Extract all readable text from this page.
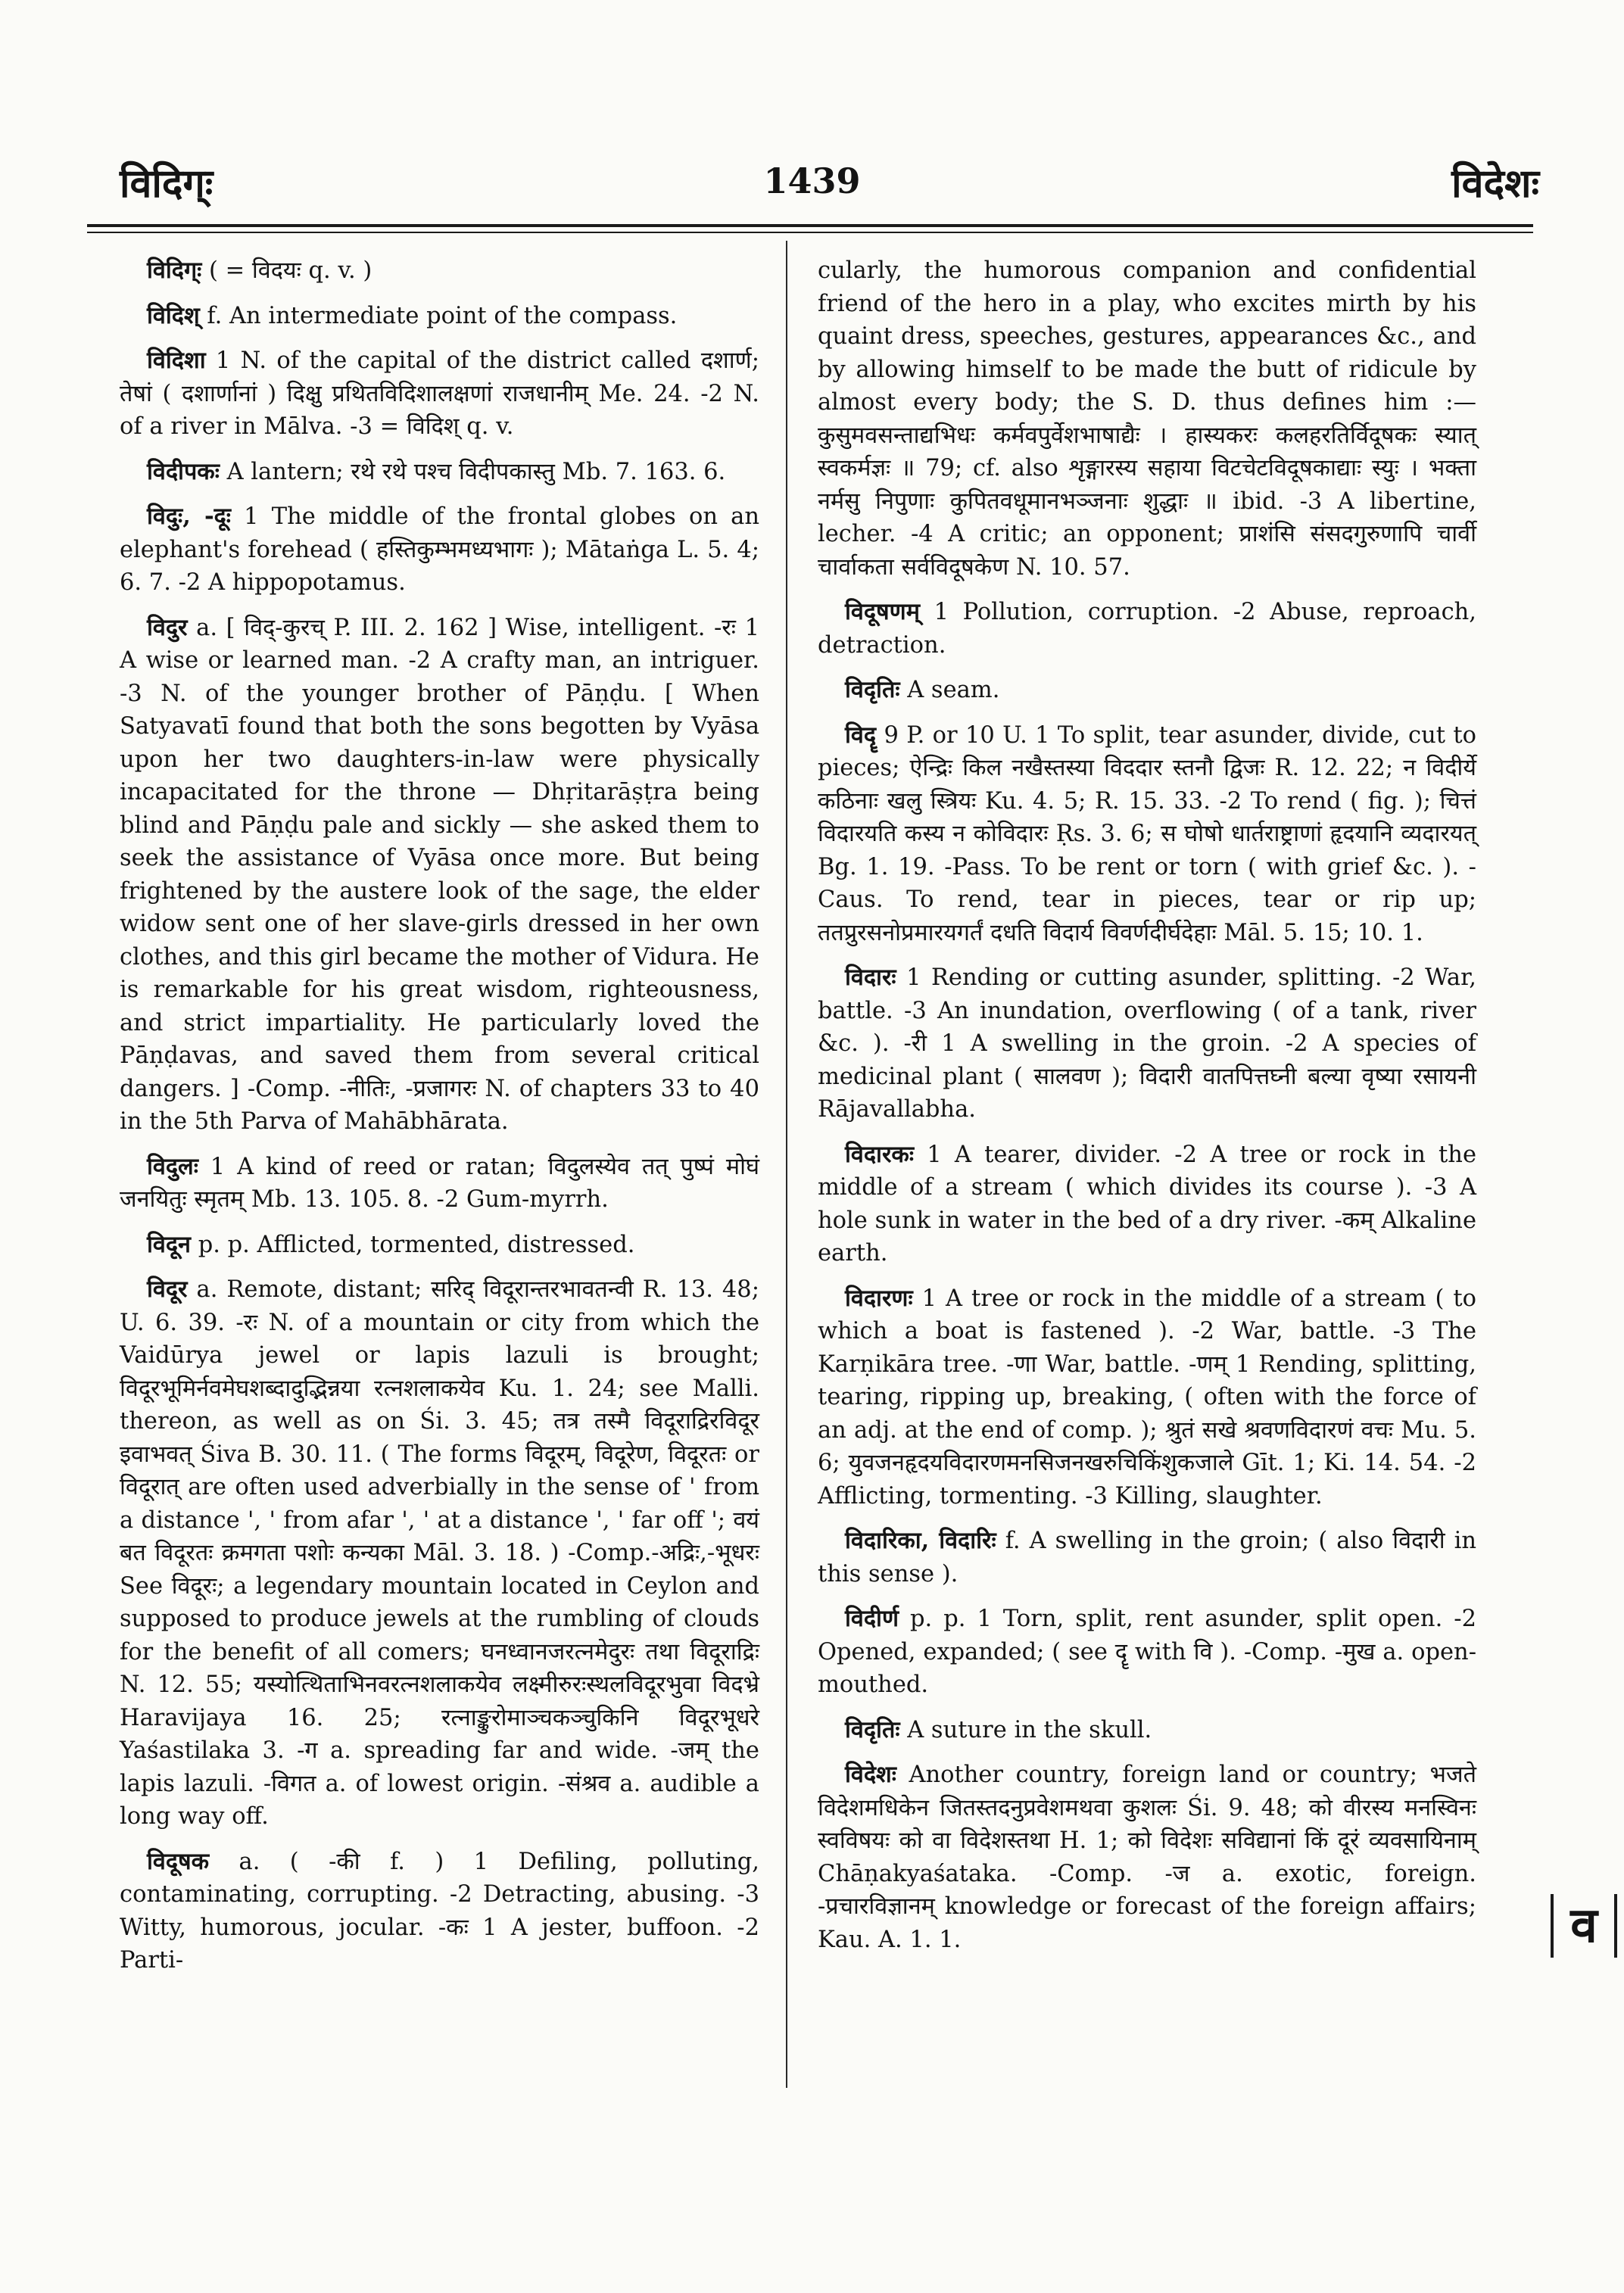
विदिग्ः	1439	विदेशः

विदिग्ः ( = विदयः q. v. )

विदिश् f. An intermediate point of the compass.

विदिशा 1 N. of the capital of the district called दशार्ण; तेषां ( दशार्णानां ) दिक्षु प्रथितविदिशालक्षणां राजधानीम् Me. 24. -2 N. of a river in Mālva. -3 = विदिश् q. v.

विदीपकः A lantern; रथे रथे पश्च विदीपकास्तु Mb. 7. 163. 6.

विदुः, -दूः 1 The middle of the frontal globes on an elephant's forehead ( हस्तिकुम्भमध्यभागः ); Mātaṅga L. 5. 4; 6. 7. -2 A hippopotamus.

विदुर a. [ विद्-कुरच् P. III. 2. 162 ] Wise, intelligent. -रः 1 A wise or learned man. -2 A crafty man, an intriguer. -3 N. of the younger brother of Pāṇḍu. [ When Satyavatī found that both the sons begotten by Vyāsa upon her two daughters-in-law were physically incapacitated for the throne — Dhṛitarāṣṭra being blind and Pāṇḍu pale and sickly — she asked them to seek the assistance of Vyāsa once more. But being frightened by the austere look of the sage, the elder widow sent one of her slave-girls dressed in her own clothes, and this girl became the mother of Vidura. He is remarkable for his great wisdom, righteousness, and strict impartiality. He particularly loved the Pāṇḍavas, and saved them from several critical dangers. ] -Comp. -नीतिः, -प्रजागरः N. of chapters 33 to 40 in the 5th Parva of Mahābhārata.

विदुलः 1 A kind of reed or ratan; विदुलस्येव तत् पुष्पं मोघं जनयितुः स्मृतम् Mb. 13. 105. 8. -2 Gum-myrrh.

विदून p. p. Afflicted, tormented, distressed.

विदूर a. Remote, distant; सरिद् विदूरान्तरभावतन्वी R. 13. 48; U. 6. 39. -रः N. of a mountain or city from which the Vaidūrya jewel or lapis lazuli is brought; विदूरभूमिर्नवमेघशब्दादुद्भिन्नया रत्नशलाकयेव Ku. 1. 24; see Malli. thereon, as well as on Śi. 3. 45; तत्र तस्मै विदूराद्रिरविदूर इवाभवत् Śiva B. 30. 11. ( The forms विदूरम्, विदूरेण, विदूरतः or विदूरात् are often used adverbially in the sense of ' from a distance ', ' from afar ', ' at a distance ', ' far off '; वयं बत विदूरतः क्रमगता पशोः कन्यका Māl. 3. 18. ) -Comp.-अद्रिः,-भूधरः See विदूरः; a legendary mountain located in Ceylon and supposed to produce jewels at the rumbling of clouds for the benefit of all comers; घनध्वानजरत्नमेदुरः तथा विदूराद्रिः N. 12. 55; यस्योत्थिताभिनवरत्नशलाकयेव लक्ष्मीरुरःस्थलविदूरभुवा विदभ्रे Haravijaya 16. 25; रत्नाङ्कुरोमाञ्चकञ्चुकिनि विदूरभूधरे Yaśastilaka 3. -ग a. spreading far and wide. -जम् the lapis lazuli. -विगत a. of lowest origin. -संश्रव a. audible a long way off.

विदूषक a. ( -की f. ) 1 Defiling, polluting, contaminating, corrupting. -2 Detracting, abusing. -3 Witty, humorous, jocular. -कः 1 A jester, buffoon. -2 Parti-

cularly, the humorous companion and confidential friend of the hero in a play, who excites mirth by his quaint dress, speeches, gestures, appearances &c., and by allowing himself to be made the butt of ridicule by almost every body; the S. D. thus defines him :— कुसुमवसन्ताद्यभिधः कर्मवपुर्वेशभाषाद्यैः । हास्यकरः कलहरतिर्विदूषकः स्यात् स्वकर्मज्ञः ॥ 79; cf. also शृङ्गारस्य सहाया विटचेटविदूषकाद्याः स्युः । भक्ता नर्मसु निपुणाः कुपितवधूमानभञ्जनाः शुद्धाः ॥ ibid. -3 A libertine, lecher. -4 A critic; an opponent; प्राशंसि संसदगुरुणापि चार्वी चार्वाकता सर्वविदूषकेण N. 10. 57.

विदूषणम् 1 Pollution, corruption. -2 Abuse, reproach, detraction.

विदृतिः A seam.

विदॄ 9 P. or 10 U. 1 To split, tear asunder, divide, cut to pieces; ऐन्द्रिः किल नखैस्तस्या विददार स्तनौ द्विजः R. 12. 22; न विदीर्ये कठिनाः खलु स्त्रियः Ku. 4. 5; R. 15. 33. -2 To rend ( fig. ); चित्तं विदारयति कस्य न कोविदारः Ṛs. 3. 6; स घोषो धार्तराष्ट्राणां हृदयानि व्यदारयत् Bg. 1. 19. -Pass. To be rent or torn ( with grief &c. ). -Caus. To rend, tear in pieces, tear or rip up; ततप्रुरसनोप्रमारयगर्तं दधति विदार्य विवर्णदीर्घदेहाः Māl. 5. 15; 10. 1.

विदारः 1 Rending or cutting asunder, splitting. -2 War, battle. -3 An inundation, overflowing ( of a tank, river &c. ). -री 1 A swelling in the groin. -2 A species of medicinal plant ( सालवण ); विदारी वातपित्तघ्नी बल्या वृष्या रसायनी Rājavallabha.

विदारकः 1 A tearer, divider. -2 A tree or rock in the middle of a stream ( which divides its course ). -3 A hole sunk in water in the bed of a dry river. -कम् Alkaline earth.

विदारणः 1 A tree or rock in the middle of a stream ( to which a boat is fastened ). -2 War, battle. -3 The Karṇikāra tree. -णा War, battle. -णम् 1 Rending, splitting, tearing, ripping up, breaking, ( often with the force of an adj. at the end of comp. ); श्रुतं सखे श्रवणविदारणं वचः Mu. 5. 6; युवजनहृदयविदारणमनसिजनखरुचिकिंशुकजाले Gīt. 1; Ki. 14. 54. -2 Afflicting, tormenting. -3 Killing, slaughter.

विदारिका, विदारिः f. A swelling in the groin; ( also विदारी in this sense ).

विदीर्ण p. p. 1 Torn, split, rent asunder, split open. -2 Opened, expanded; ( see दॄ with वि ). -Comp. -मुख a. open-mouthed.

विदृतिः A suture in the skull.

विदेशः Another country, foreign land or country; भजते विदेशमधिकेन जितस्तदनुप्रवेशमथवा कुशलः Śi. 9. 48; को वीरस्य मनस्विनः स्वविषयः को वा विदेशस्तथा H. 1; को विदेशः सविद्यानां किं दूरं व्यवसायिनाम् Chāṇakyaśataka. -Comp. -ज a. exotic, foreign. -प्रचारविज्ञानम् knowledge or forecast of the foreign affairs; Kau. A. 1. 1.	व
